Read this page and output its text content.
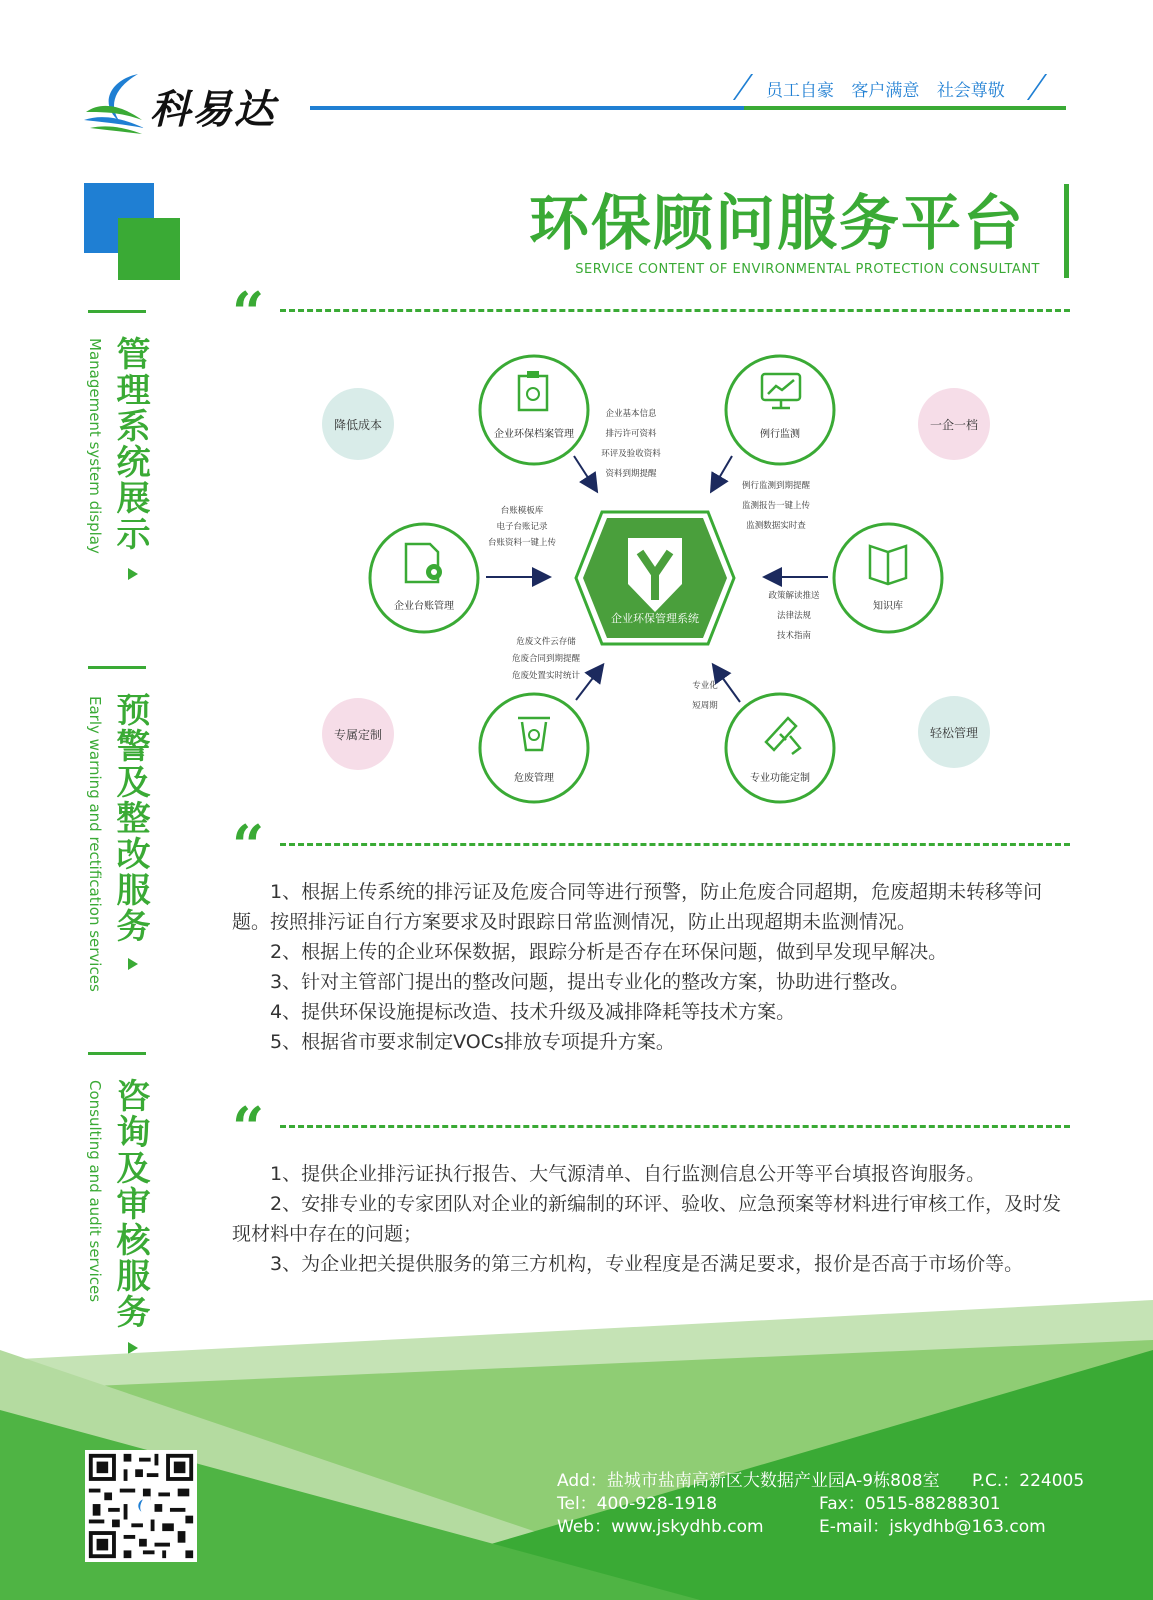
科易达	员工自豪 客户满意 社会尊敬
环保顾问服务平台
SERVICE CONTENT OF ENVIRONMENTAL PROTECTION CONSULTANT
管理系统展示
Management system display
预警及整改服务
Early warning and rectification services
咨询及审核服务
Consulting and audit services
“
降低成本	一企一档
专属定制	轻松管理
企业环保管理系统
企业环保档案管理	例行监测
企业台账管理	知识库
危废管理	专业功能定制
企业基本信息
排污许可资料
环评及验收资料
资料到期提醒
例行监测到期提醒
监测报告一键上传
监测数据实时查
台账模板库
电子台账记录
台账资料一键上传
政策解读推送
法律法规
技术指南
危废文件云存储
危废合同到期提醒
危废处置实时统计
专业化
短周期
“

1、根据上传系统的排污证及危废合同等进行预警，防止危废合同超期，危废超期未转移等问题。按照排污证自行方案要求及时跟踪日常监测情况，防止出现超期未监测情况。

2、根据上传的企业环保数据，跟踪分析是否存在环保问题，做到早发现早解决。

3、针对主管部门提出的整改问题，提出专业化的整改方案，协助进行整改。

4、提供环保设施提标改造、技术升级及减排降耗等技术方案。

5、根据省市要求制定VOCs排放专项提升方案。

“

1、提供企业排污证执行报告、大气源清单、自行监测信息公开等平台填报咨询服务。

2、安排专业的专家团队对企业的新编制的环评、验收、应急预案等材料进行审核工作，及时发现材料中存在的问题；

3、为企业把关提供服务的第三方机构，专业程度是否满足要求，报价是否高于市场价等。

Add：盐城市盐南高新区大数据产业园A-9栋808室 P.C.：224005
Tel：400-928-1918	Fax：0515-88288301
Web：www.jskydhb.com	E-mail：jskydhb@163.com
